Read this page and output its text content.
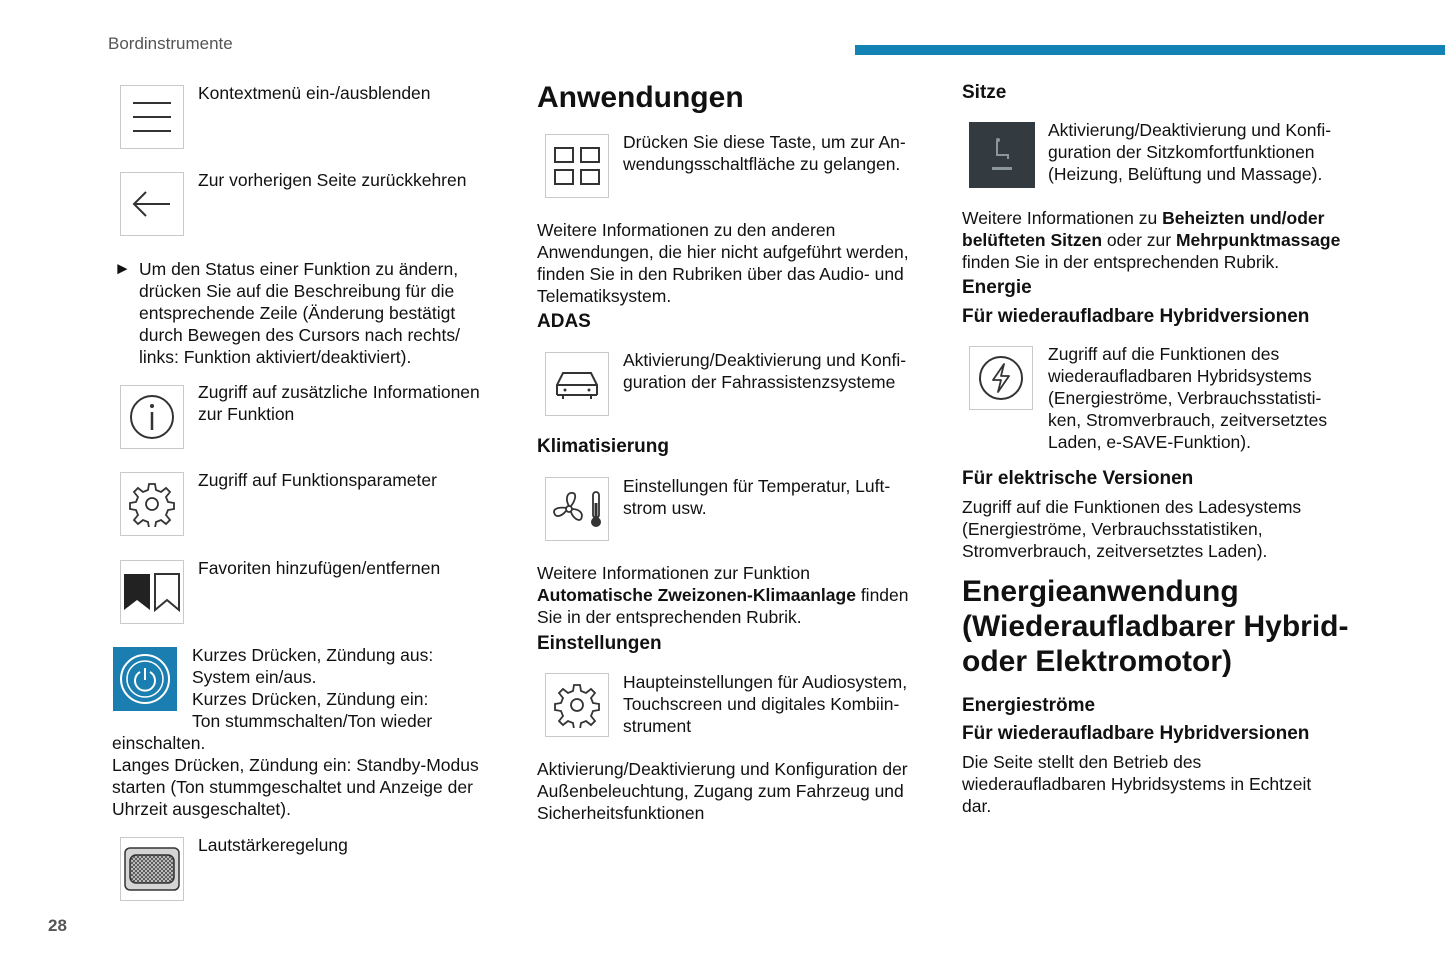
Bordinstrumente
28
Kontextmenü ein-/ausblenden
Zur vorherigen Seite zurückkehren
► Um den Status einer Funktion zu ändern,
drücken Sie auf die Beschreibung für die
entsprechende Zeile (Änderung bestätigt
durch Bewegen des Cursors nach rechts/
links: Funktion aktiviert/deaktiviert).
Zugriff auf zusätzliche Informationen zur Funktion
Zugriff auf Funktionsparameter
Favoriten hinzufügen/entfernen
Kurzes Drücken, Zündung aus:
System ein/aus.
Kurzes Drücken, Zündung ein:
Ton stummschalten/Ton wieder
einschalten.
Langes Drücken, Zündung ein: Standby-Modus
starten (Ton stummgeschaltet und Anzeige der
Uhrzeit ausgeschaltet).
Lautstärkeregelung
Anwendungen
Drücken Sie diese Taste, um zur An-
wendungsschaltfläche zu gelangen.
Weitere Informationen zu den anderen
Anwendungen, die hier nicht aufgeführt werden,
finden Sie in den Rubriken über das Audio- und
Telematiksystem.
ADAS
Aktivierung/Deaktivierung und Konfi-
guration der Fahrassistenzsysteme
Klimatisierung
Einstellungen für Temperatur, Luft-
strom usw.
Weitere Informationen zur Funktion
Automatische Zweizonen-Klimaanlage finden
Sie in der entsprechenden Rubrik.
Einstellungen
Haupteinstellungen für Audiosystem,
Touchscreen und digitales Kombiin-
strument
Aktivierung/Deaktivierung und Konfiguration der
Außenbeleuchtung, Zugang zum Fahrzeug und
Sicherheitsfunktionen
Sitze
Aktivierung/Deaktivierung und Konfi-
guration der Sitzkomfortfunktionen
(Heizung, Belüftung und Massage).
Weitere Informationen zu Beheizten und/oder
belüfteten Sitzen oder zur Mehrpunktmassage
finden Sie in der entsprechenden Rubrik.
Energie
Für wiederaufladbare Hybridversionen
Zugriff auf die Funktionen des
wiederaufladbaren Hybridsystems
(Energieströme, Verbrauchsstatisti-
ken, Stromverbrauch, zeitversetztes
Laden, e-SAVE-Funktion).
Für elektrische Versionen
Zugriff auf die Funktionen des Ladesystems
(Energieströme, Verbrauchsstatistiken,
Stromverbrauch, zeitversetztes Laden).
Energieanwendung
(Wiederaufladbarer Hybrid-
oder Elektromotor)
Energieströme
Für wiederaufladbare Hybridversionen
Die Seite stellt den Betrieb des
wiederaufladbaren Hybridsystems in Echtzeit
dar.
